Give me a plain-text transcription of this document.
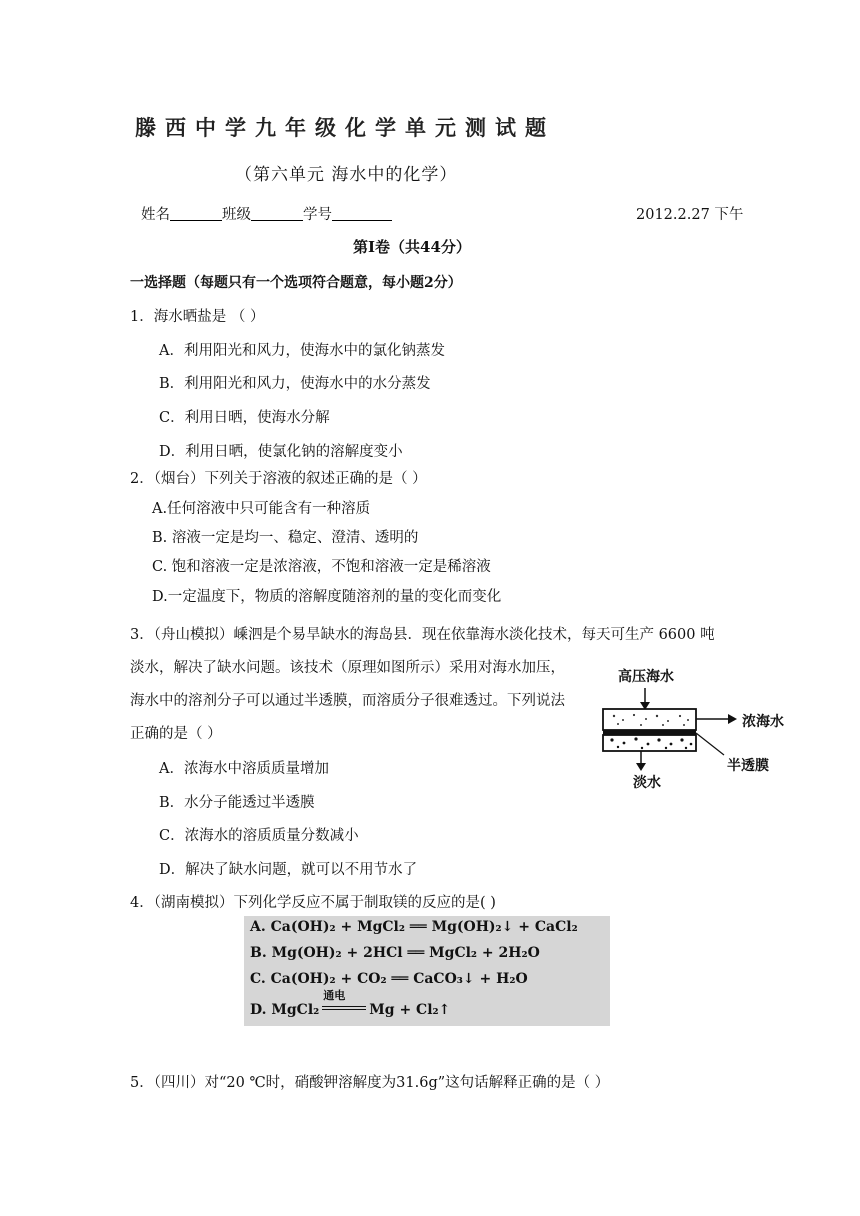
滕西中学九年级化学单元测试题
（第六单元 海水中的化学）
姓名	班级	学号	2012.2.27 下午
第Ⅰ卷（共44分）
一选择题（每题只有一个选项符合题意，每小题2分）
1．海水晒盐是 （ ）
A．利用阳光和风力，使海水中的氯化钠蒸发
B．利用阳光和风力，使海水中的水分蒸发
C．利用日晒，使海水分解
D．利用日晒，使氯化钠的溶解度变小
2．（烟台）下列关于溶液的叙述正确的是（ ）
A.任何溶液中只可能含有一种溶质
B. 溶液一定是均一、稳定、澄清、透明的
C. 饱和溶液一定是浓溶液，不饱和溶液一定是稀溶液
D.一定温度下，物质的溶解度随溶剂的量的变化而变化
3．（舟山模拟）嵊泗是个易旱缺水的海岛县．现在依靠海水淡化技术，每天可生产 6600 吨
淡水，解决了缺水问题。该技术（原理如图所示）采用对海水加压，
海水中的溶剂分子可以通过半透膜，而溶质分子很难透过。下列说法
正确的是（ ）
A．浓海水中溶质质量增加
B．水分子能透过半透膜
C．浓海水的溶质质量分数减小
D．解决了缺水问题，就可以不用节水了
高压海水
浓海水
半透膜
淡水
4．（湖南模拟）下列化学反应不属于制取镁的反应的是( )
A. Ca(OH)₂ + MgCl₂ ══ Mg(OH)₂↓ + CaCl₂
B. Mg(OH)₂ + 2HCl ══ MgCl₂ + 2H₂O
C. Ca(OH)₂ + CO₂ ══ CaCO₃↓ + H₂O
D. MgCl₂
通电
Mg + Cl₂↑
5．（四川）对“20 ℃时，硝酸钾溶解度为31.6g”这句话解释正确的是（ ）
